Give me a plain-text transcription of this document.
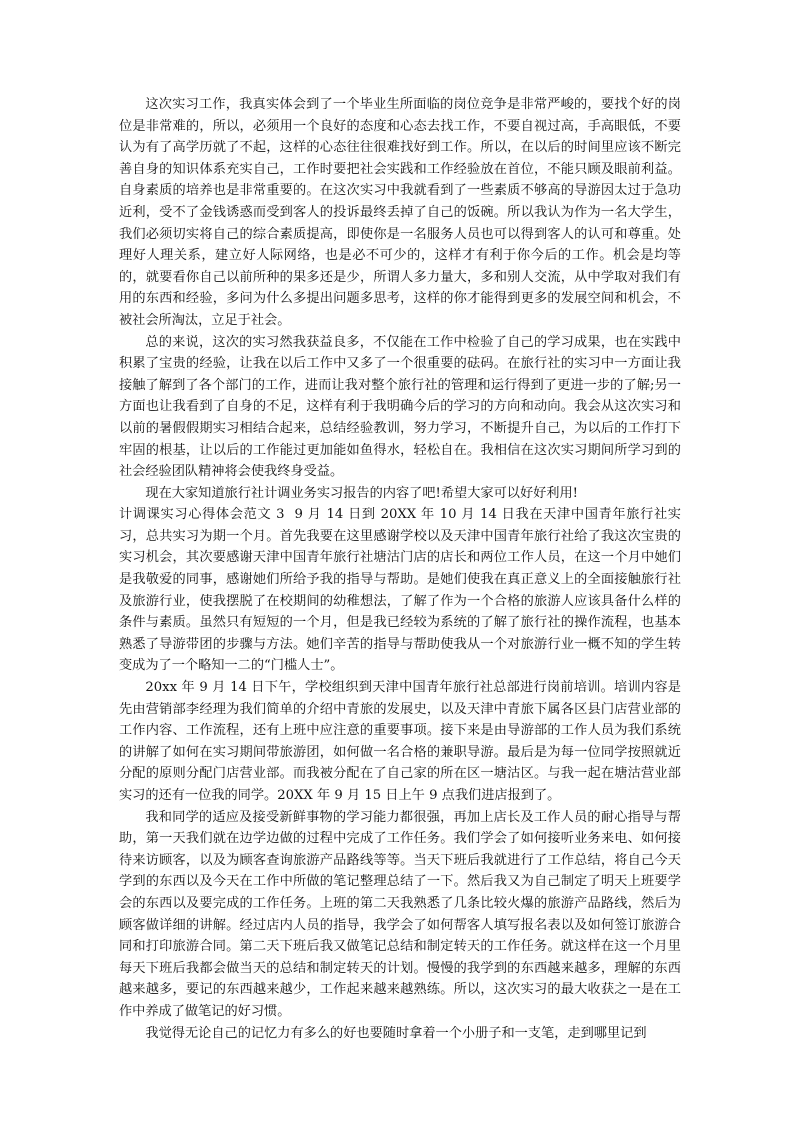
这次实习工作，我真实体会到了一个毕业生所面临的岗位竞争是非常严峻的，要找个好的岗位是非常难的，所以，必须用一个良好的态度和心态去找工作，不要自视过高，手高眼低，不要认为有了高学历就了不起，这样的心态往往很难找好到工作。所以，在以后的时间里应该不断完善自身的知识体系充实自己，工作时要把社会实践和工作经验放在首位，不能只顾及眼前利益。自身素质的培养也是非常重要的。在这次实习中我就看到了一些素质不够高的导游因太过于急功近利，受不了金钱诱惑而受到客人的投诉最终丢掉了自己的饭碗。所以我认为作为一名大学生，我们必须切实将自己的综合素质提高，即使你是一名服务人员也可以得到客人的认可和尊重。处理好人理关系，建立好人际网络，也是必不可少的，这样才有利于你今后的工作。机会是均等的，就要看你自己以前所种的果多还是少，所谓人多力量大，多和别人交流，从中学取对我们有用的东西和经验，多问为什么多提出问题多思考，这样的你才能得到更多的发展空间和机会，不被社会所淘汰，立足于社会。

总的来说，这次的实习然我获益良多，不仅能在工作中检验了自己的学习成果，也在实践中积累了宝贵的经验，让我在以后工作中又多了一个很重要的砝码。在旅行社的实习中一方面让我接触了解到了各个部门的工作，进而让我对整个旅行社的管理和运行得到了更进一步的了解;另一方面也让我看到了自身的不足，这样有利于我明确今后的学习的方向和动向。我会从这次实习和以前的暑假假期实习相结合起来，总结经验教训，努力学习，不断提升自己，为以后的工作打下牢固的根基，让以后的工作能过更加能如鱼得水，轻松自在。我相信在这次实习期间所学习到的社会经验团队精神将会使我终身受益。

现在大家知道旅行社计调业务实习报告的内容了吧!希望大家可以好好利用!

计调课实习心得体会范文 3 9 月 14 日到 20XX 年 10 月 14 日我在天津中国青年旅行社实习，总共实习为期一个月。首先我要在这里感谢学校以及天津中国青年旅行社给了我这次宝贵的实习机会，其次要感谢天津中国青年旅行社塘沽门店的店长和两位工作人员，在这一个月中她们是我敬爱的同事，感谢她们所给予我的指导与帮助。是她们使我在真正意义上的全面接触旅行社及旅游行业，使我摆脱了在校期间的幼稚想法，了解了作为一个合格的旅游人应该具备什么样的条件与素质。虽然只有短短的一个月，但是我已经较为系统的了解了旅行社的操作流程，也基本熟悉了导游带团的步骤与方法。她们辛苦的指导与帮助使我从一个对旅游行业一概不知的学生转变成为了一个略知一二的“门槛人士”。

20xx 年 9 月 14 日下午，学校组织到天津中国青年旅行社总部进行岗前培训。培训内容是先由营销部李经理为我们简单的介绍中青旅的发展史，以及天津中青旅下属各区县门店营业部的工作内容、工作流程，还有上班中应注意的重要事项。接下来是由导游部的工作人员为我们系统的讲解了如何在实习期间带旅游团，如何做一名合格的兼职导游。最后是为每一位同学按照就近分配的原则分配门店营业部。而我被分配在了自己家的所在区一塘沽区。与我一起在塘沽营业部实习的还有一位我的同学。20XX 年 9 月 15 日上午 9 点我们进店报到了。

我和同学的适应及接受新鲜事物的学习能力都很强，再加上店长及工作人员的耐心指导与帮助，第一天我们就在边学边做的过程中完成了工作任务。我们学会了如何接听业务来电、如何接待来访顾客，以及为顾客查询旅游产品路线等等。当天下班后我就进行了工作总结，将自己今天学到的东西以及今天在工作中所做的笔记整理总结了一下。然后我又为自己制定了明天上班要学会的东西以及要完成的工作任务。上班的第二天我熟悉了几条比较火爆的旅游产品路线，然后为顾客做详细的讲解。经过店内人员的指导，我学会了如何帮客人填写报名表以及如何签订旅游合同和打印旅游合同。第二天下班后我又做笔记总结和制定转天的工作任务。就这样在这一个月里每天下班后我都会做当天的总结和制定转天的计划。慢慢的我学到的东西越来越多，理解的东西越来越多，要记的东西越来越少，工作起来越来越熟练。所以，这次实习的最大收获之一是在工作中养成了做笔记的好习惯。

我觉得无论自己的记忆力有多么的好也要随时拿着一个小册子和一支笔，走到哪里记到
